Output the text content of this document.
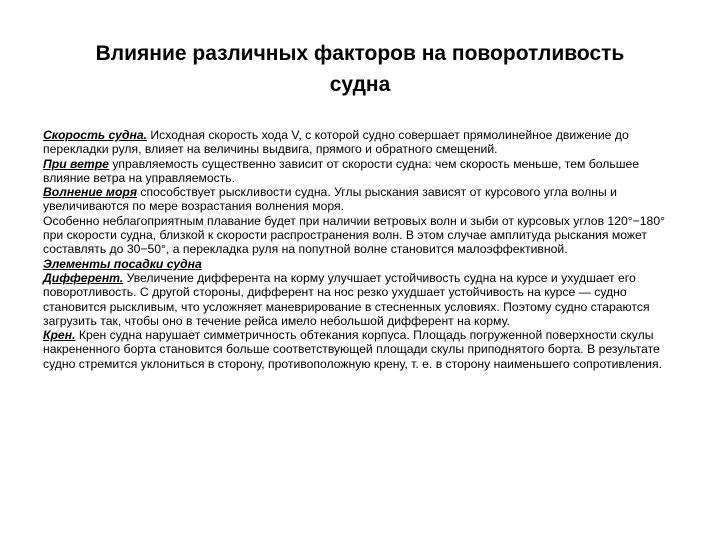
Влияние различных факторов на поворотливость
судна

Скорость судна. Исходная скорость хода V, с которой судно совершает прямолинейное движение до перекладки руля, влияет на величины выдвига, прямого и обратного смещений.

При ветре управляемость существенно зависит от скорости судна: чем скорость меньше, тем большее влияние ветра на управляемость.

Волнение моря способствует рыскливости судна. Углы рыскания зависят от курсового угла волны и увеличиваются по мере возрастания волнения моря.

Особенно неблагоприятным плавание будет при наличии ветровых волн и зыби от курсовых углов 120°−180° при скорости судна, близкой к скорости распространения волн. В этом случае амплитуда рыскания может составлять до 30−50°, а перекладка руля на попутной волне становится малоэффективной.

Элементы посадки судна

Дифферент. Увеличение дифферента на корму улучшает устойчивость судна на курсе и ухудшает его поворотливость. С другой стороны, дифферент на нос резко ухудшает устойчивость на курсе — судно становится рыскливым, что усложняет маневрирование в стесненных условиях. Поэтому судно стараются загрузить так, чтобы оно в течение рейса имело небольшой дифферент на корму.

Крен. Крен судна нарушает симметричность обтекания корпуса. Площадь погруженной поверхности скулы накрененного борта становится больше соответствующей площади скулы приподнятого борта. В результате судно стремится уклониться в сторону, противоположную крену, т. е. в сторону наименьшего сопротивления.
